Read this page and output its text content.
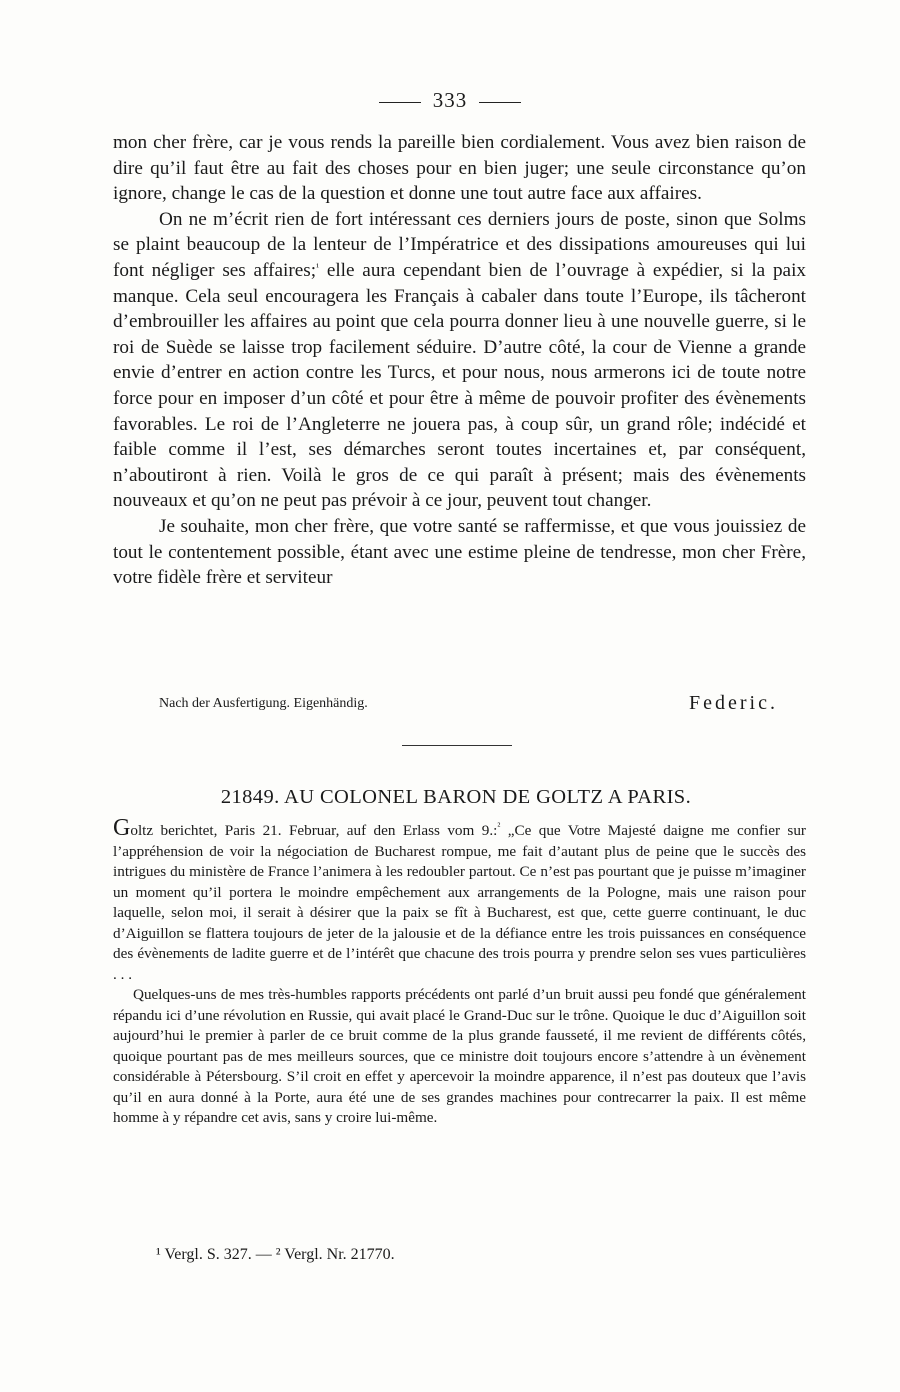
333

mon cher frère, car je vous rends la pareille bien cordialement. Vous avez bien raison de dire qu’il faut être au fait des choses pour en bien juger; une seule circonstance qu’on ignore, change le cas de la question et donne une tout autre face aux affaires.

On ne m’écrit rien de fort intéressant ces derniers jours de poste, sinon que Solms se plaint beaucoup de la lenteur de l’Impératrice et des dissipations amoureuses qui lui font négliger ses affaires;$^{^1}$ elle aura cependant bien de l’ouvrage à expédier, si la paix manque. Cela seul encouragera les Français à cabaler dans toute l’Europe, ils tâcheront d’embrouiller les affaires au point que cela pourra donner lieu à une nouvelle guerre, si le roi de Suède se laisse trop facilement séduire. D’autre côté, la cour de Vienne a grande envie d’entrer en action contre les Turcs, et pour nous, nous armerons ici de toute notre force pour en imposer d’un côté et pour être à même de pouvoir profiter des évènements favorables. Le roi de l’Angleterre ne jouera pas, à coup sûr, un grand rôle; indécidé et faible comme il l’est, ses démarches seront toutes incertaines et, par conséquent, n’aboutiront à rien. Voilà le gros de ce qui paraît à présent; mais des évènements nouveaux et qu’on ne peut pas prévoir à ce jour, peuvent tout changer.

Je souhaite, mon cher frère, que votre santé se raffermisse, et que vous jouissiez de tout le contentement possible, étant avec une estime pleine de tendresse, mon cher Frère, votre fidèle frère et serviteur

Nach der Ausfertigung. Eigenhändig.	Federic.
21849. AU COLONEL BARON DE GOLTZ A PARIS.

Goltz berichtet, Paris 21. Februar, auf den Erlass vom 9.:$^{^2}$ „Ce que Votre Majesté daigne me confier sur l’appréhension de voir la négociation de Bucharest rompue, me fait d’autant plus de peine que le succès des intrigues du ministère de France l’animera à les redoubler partout. Ce n’est pas pourtant que je puisse m’imaginer un moment qu’il portera le moindre empêchement aux arrangements de la Pologne, mais une raison pour laquelle, selon moi, il serait à désirer que la paix se fît à Bucharest, est que, cette guerre continuant, le duc d’Aiguillon se flattera toujours de jeter de la jalousie et de la défiance entre les trois puissances en conséquence des évènements de ladite guerre et de l’intérêt que chacune des trois pourra y prendre selon ses vues particulières . . .

Quelques-uns de mes très-humbles rapports précédents ont parlé d’un bruit aussi peu fondé que généralement répandu ici d’une révolution en Russie, qui avait placé le Grand-Duc sur le trône. Quoique le duc d’Aiguillon soit aujourd’hui le premier à parler de ce bruit comme de la plus grande fausseté, il me revient de différents côtés, quoique pourtant pas de mes meilleurs sources, que ce ministre doit toujours encore s’attendre à un évènement considérable à Pétersbourg. S’il croit en effet y apercevoir la moindre apparence, il n’est pas douteux que l’avis qu’il en aura donné à la Porte, aura été une de ses grandes machines pour contrecarrer la paix. Il est même homme à y répandre cet avis, sans y croire lui-même.

¹ Vergl. S. 327. — ² Vergl. Nr. 21770.
